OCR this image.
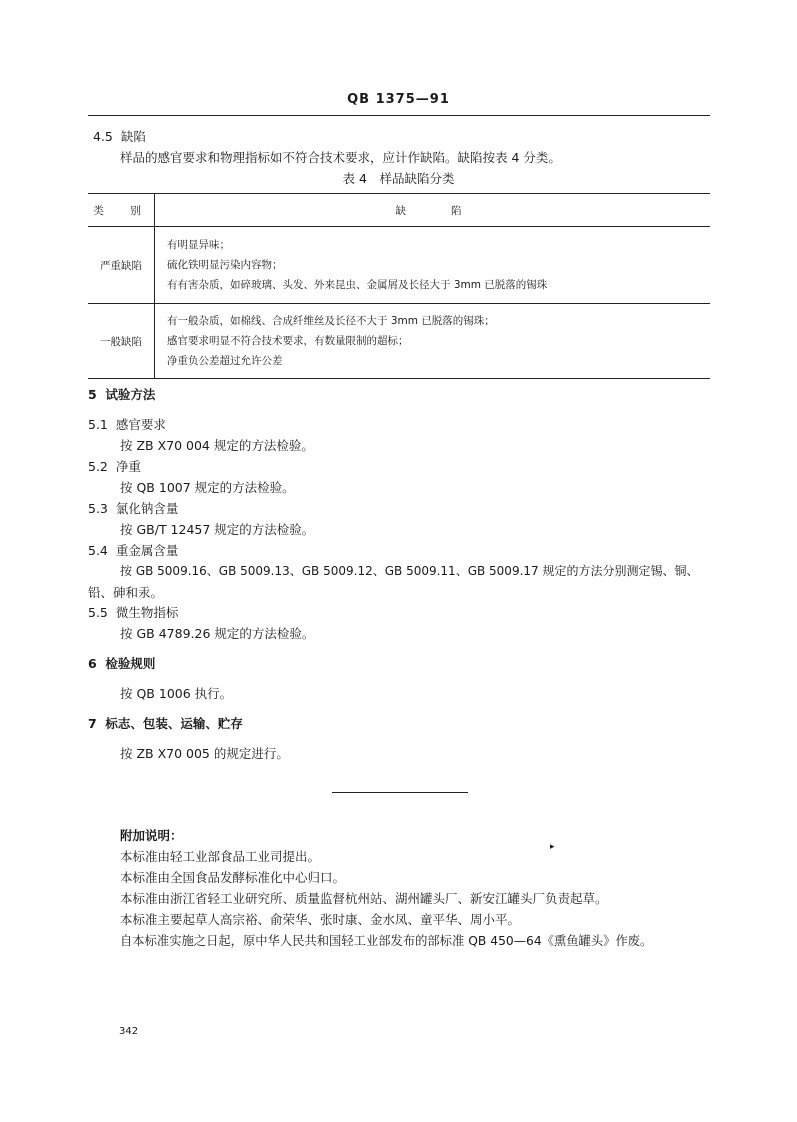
QB 1375—91
4.5 缺陷
样品的感官要求和物理指标如不符合技术要求，应计作缺陷。缺陷按表 4 分类。
表 4　样品缺陷分类
类　别	缺　　陷
严重缺陷	有明显异味；
硫化铁明显污染内容物；
有有害杂质，如碎玻璃、头发、外来昆虫、金属屑及长径大于 3mm 已脱落的锡珠

一般缺陷	有一般杂质，如棉线、合成纤维丝及长径不大于 3mm 已脱落的锡珠；
感官要求明显不符合技术要求，有数量限制的超标；
净重负公差超过允许公差
5 试验方法
5.1 感官要求
按 ZB X70 004 规定的方法检验。
5.2 净重
按 QB 1007 规定的方法检验。
5.3 氯化钠含量
按 GB/T 12457 规定的方法检验。
5.4 重金属含量
按 GB 5009.16、GB 5009.13、GB 5009.12、GB 5009.11、GB 5009.17 规定的方法分别测定锡、铜、
铅、砷和汞。
5.5 微生物指标
按 GB 4789.26 规定的方法检验。
6 检验规则
按 QB 1006 执行。
7 标志、包装、运输、贮存
按 ZB X70 005 的规定进行。
附加说明：
▸
本标准由轻工业部食品工业司提出。
本标准由全国食品发酵标准化中心归口。
本标准由浙江省轻工业研究所、质量监督杭州站、湖州罐头厂、新安江罐头厂负责起草。
本标准主要起草人高宗裕、俞荣华、张时康、金水凤、童平华、周小平。
自本标准实施之日起，原中华人民共和国轻工业部发布的部标准 QB 450—64《熏鱼罐头》作废。
342
